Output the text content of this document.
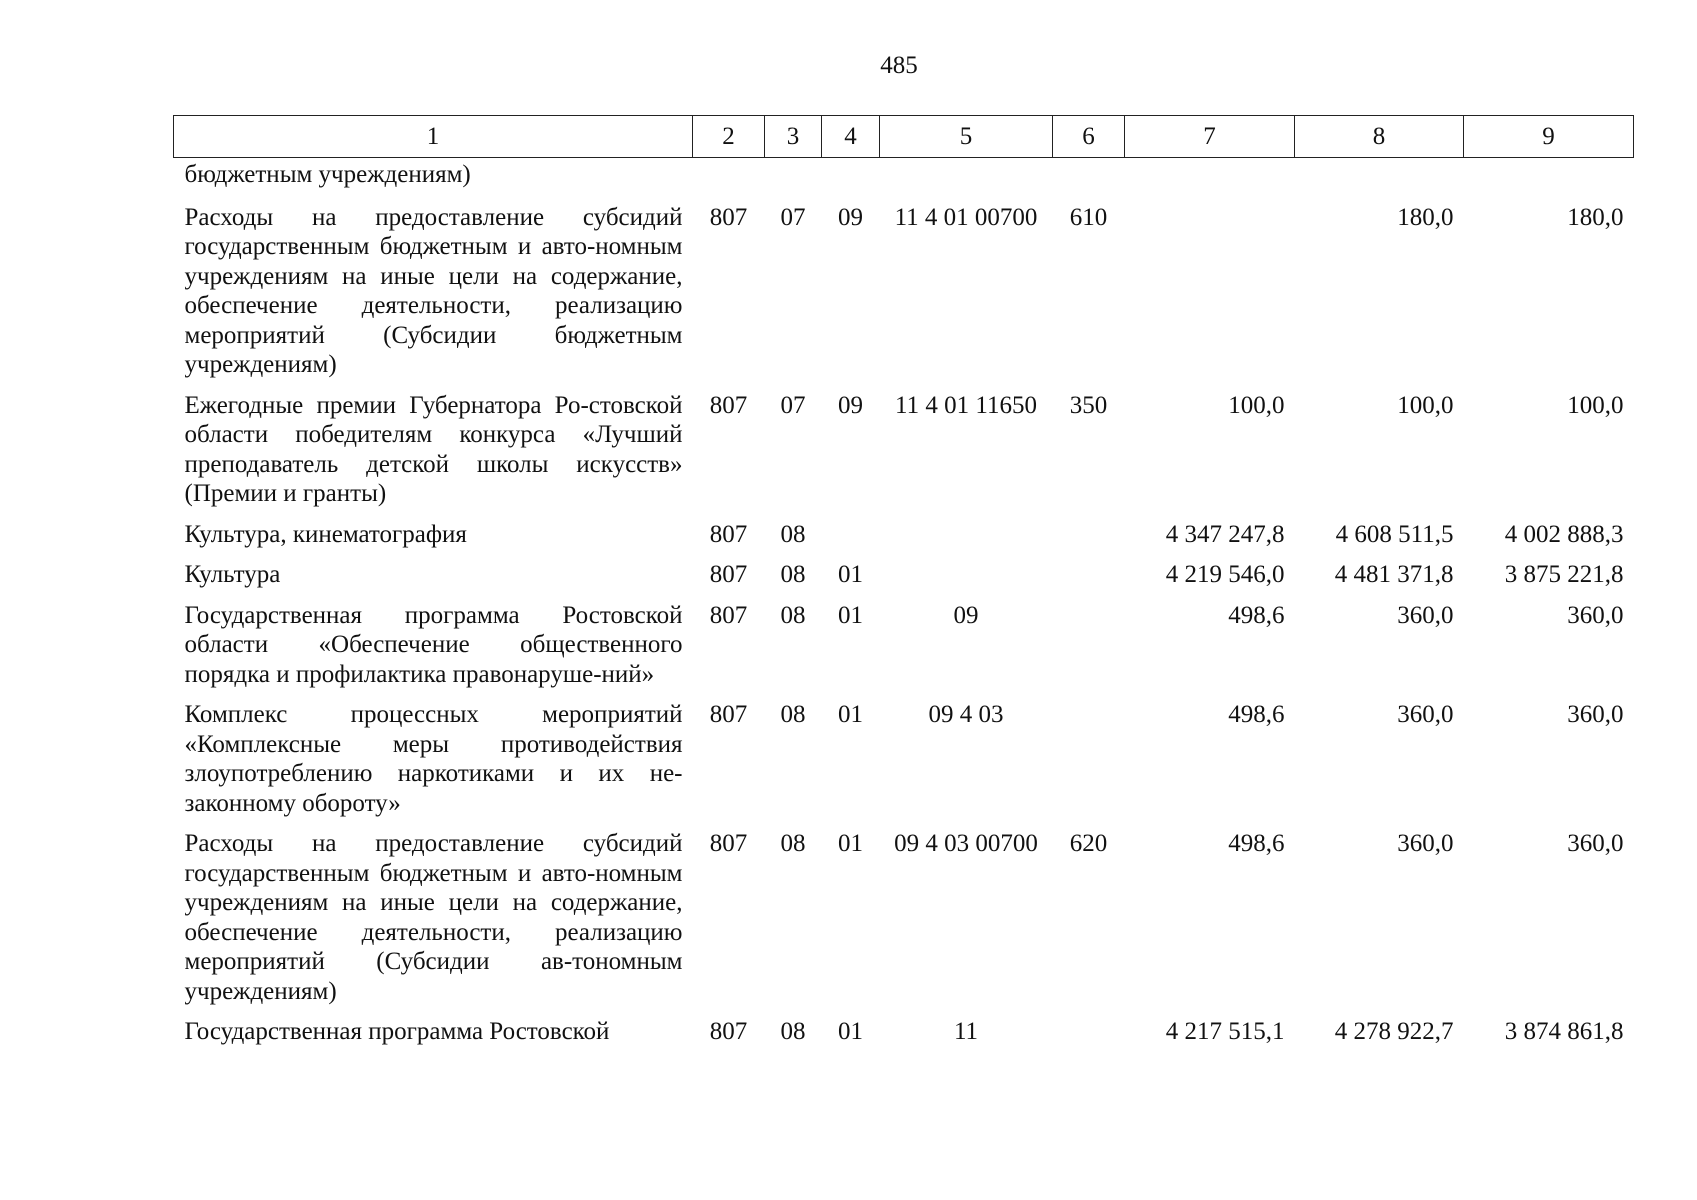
485
1	2	3	4	5	6	7	8	9
бюджетным учреждениям)								
Расходы на предоставление субсидий государственным бюджетным и авто-номным учреждениям на иные цели на содержание, обеспечение деятельности, реализацию мероприятий (Субсидии бюджетным учреждениям)	807	07	09	11 4 01 00700	610		180,0	180,0
Ежегодные премии Губернатора Ро-стовской области победителям конкурса «Лучший преподаватель детской школы искусств» (Премии и гранты)	807	07	09	11 4 01 11650	350	100,0	100,0	100,0
Культура, кинематография	807	08				4 347 247,8	4 608 511,5	4 002 888,3
Культура	807	08	01			4 219 546,0	4 481 371,8	3 875 221,8
Государственная программа Ростовской области «Обеспечение общественного порядка и профилактика правонаруше-ний»	807	08	01	09		498,6	360,0	360,0
Комплекс процессных мероприятий «Комплексные меры противодействия злоупотреблению наркотиками и их не-законному обороту»	807	08	01	09 4 03		498,6	360,0	360,0
Расходы на предоставление субсидий государственным бюджетным и авто-номным учреждениям на иные цели на содержание, обеспечение деятельности, реализацию мероприятий (Субсидии ав-тономным учреждениям)	807	08	01	09 4 03 00700	620	498,6	360,0	360,0
Государственная программа Ростовской	807	08	01	11		4 217 515,1	4 278 922,7	3 874 861,8
